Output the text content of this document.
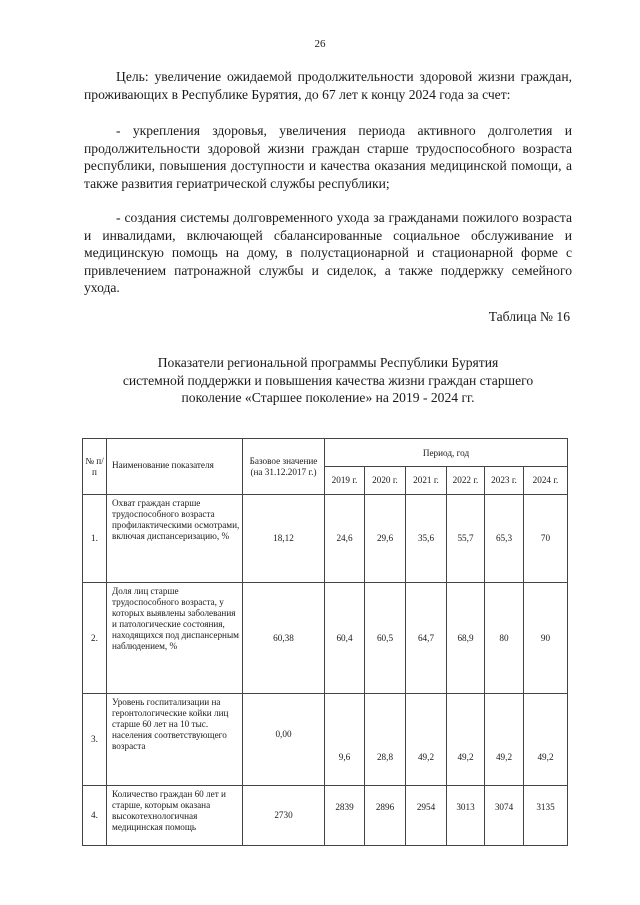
26

Цель: увеличение ожидаемой продолжительности здоровой жизни граждан, проживающих в Республике Бурятия, до 67 лет к концу 2024 года за счет:

- укрепления здоровья, увеличения периода активного долголетия и продолжительности здоровой жизни граждан старше трудоспособного возраста республики, повышения доступности и качества оказания медицинской помощи, а также развития гериатрической службы республики;

- создания системы долговременного ухода за гражданами пожилого возраста и инвалидами, включающей сбалансированные социальное обслуживание и медицинскую помощь на дому, в полустационарной и стационарной форме с привлечением патронажной службы и сиделок, а также поддержку семейного ухода.

Таблица № 16
Показатели региональной программы Республики Бурятия
системной поддержки и повышения качества жизни граждан старшего
поколение «Старшее поколение» на 2019 - 2024 гг.
№ п/п	Наименование показателя	Базовое значение (на 31.12.2017 г.)	Период, год					
			2019 г.	2020 г.	2021 г.	2022 г.	2023 г.	2024 г.
1.	Охват граждан старше трудоспособного возраста профилактическими осмотрами, включая диспансеризацию, %	18,12	24,6	29,6	35,6	55,7	65,3	70
2.	Доля лиц старше трудоспособного возраста, у которых выявлены заболевания и патологические состояния, находящихся под диспансерным наблюдением, %	60,38	60,4	60,5	64,7	68,9	80	90
3.	Уровень госпитализации на геронтологические койки лиц старше 60 лет на 10 тыс. населения соответствующего возраста	0,00	9,6	28,8	49,2	49,2	49,2	49,2
4.	Количество граждан 60 лет и старше, которым оказана высокотехнологичная медицинская помощь	2730	2839	2896	2954	3013	3074	3135
